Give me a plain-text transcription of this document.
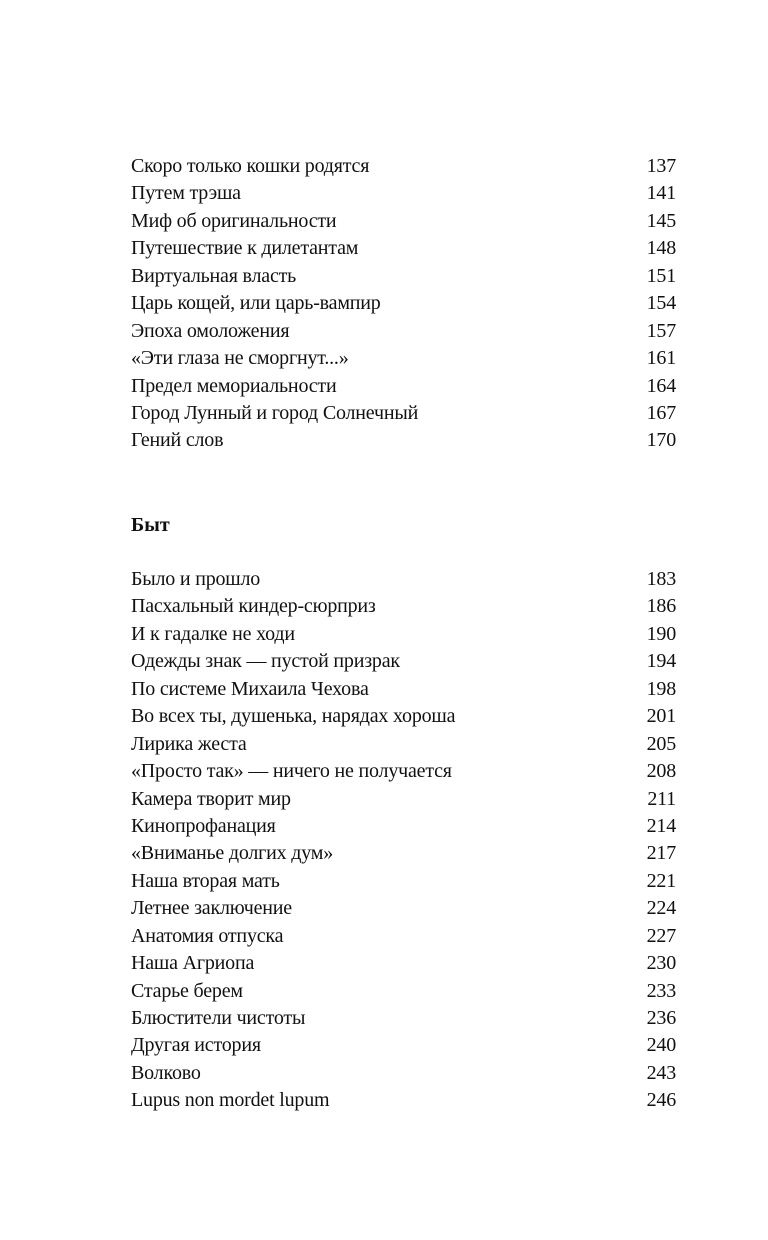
Скоро только кошки родятся	137
Путем трэша	141
Миф об оригинальности	145
Путешествие к дилетантам	148
Виртуальная власть	151
Царь кощей, или царь-вампир	154
Эпоха омоложения	157
«Эти глаза не сморгнут...»	161
Предел мемориальности	164
Город Лунный и город Солнечный	167
Гений слов	170
Быт
Было и прошло	183
Пасхальный киндер-сюрприз	186
И к гадалке не ходи	190
Одежды знак — пустой призрак	194
По системе Михаила Чехова	198
Во всех ты, душенька, нарядах хороша	201
Лирика жеста	205
«Просто так» — ничего не получается	208
Камера творит мир	211
Кинопрофанация	214
«Вниманье долгих дум»	217
Наша вторая мать	221
Летнее заключение	224
Анатомия отпуска	227
Наша Агриопа	230
Старье берем	233
Блюстители чистоты	236
Другая история	240
Волково	243
Lupus non mordet lupum	246
